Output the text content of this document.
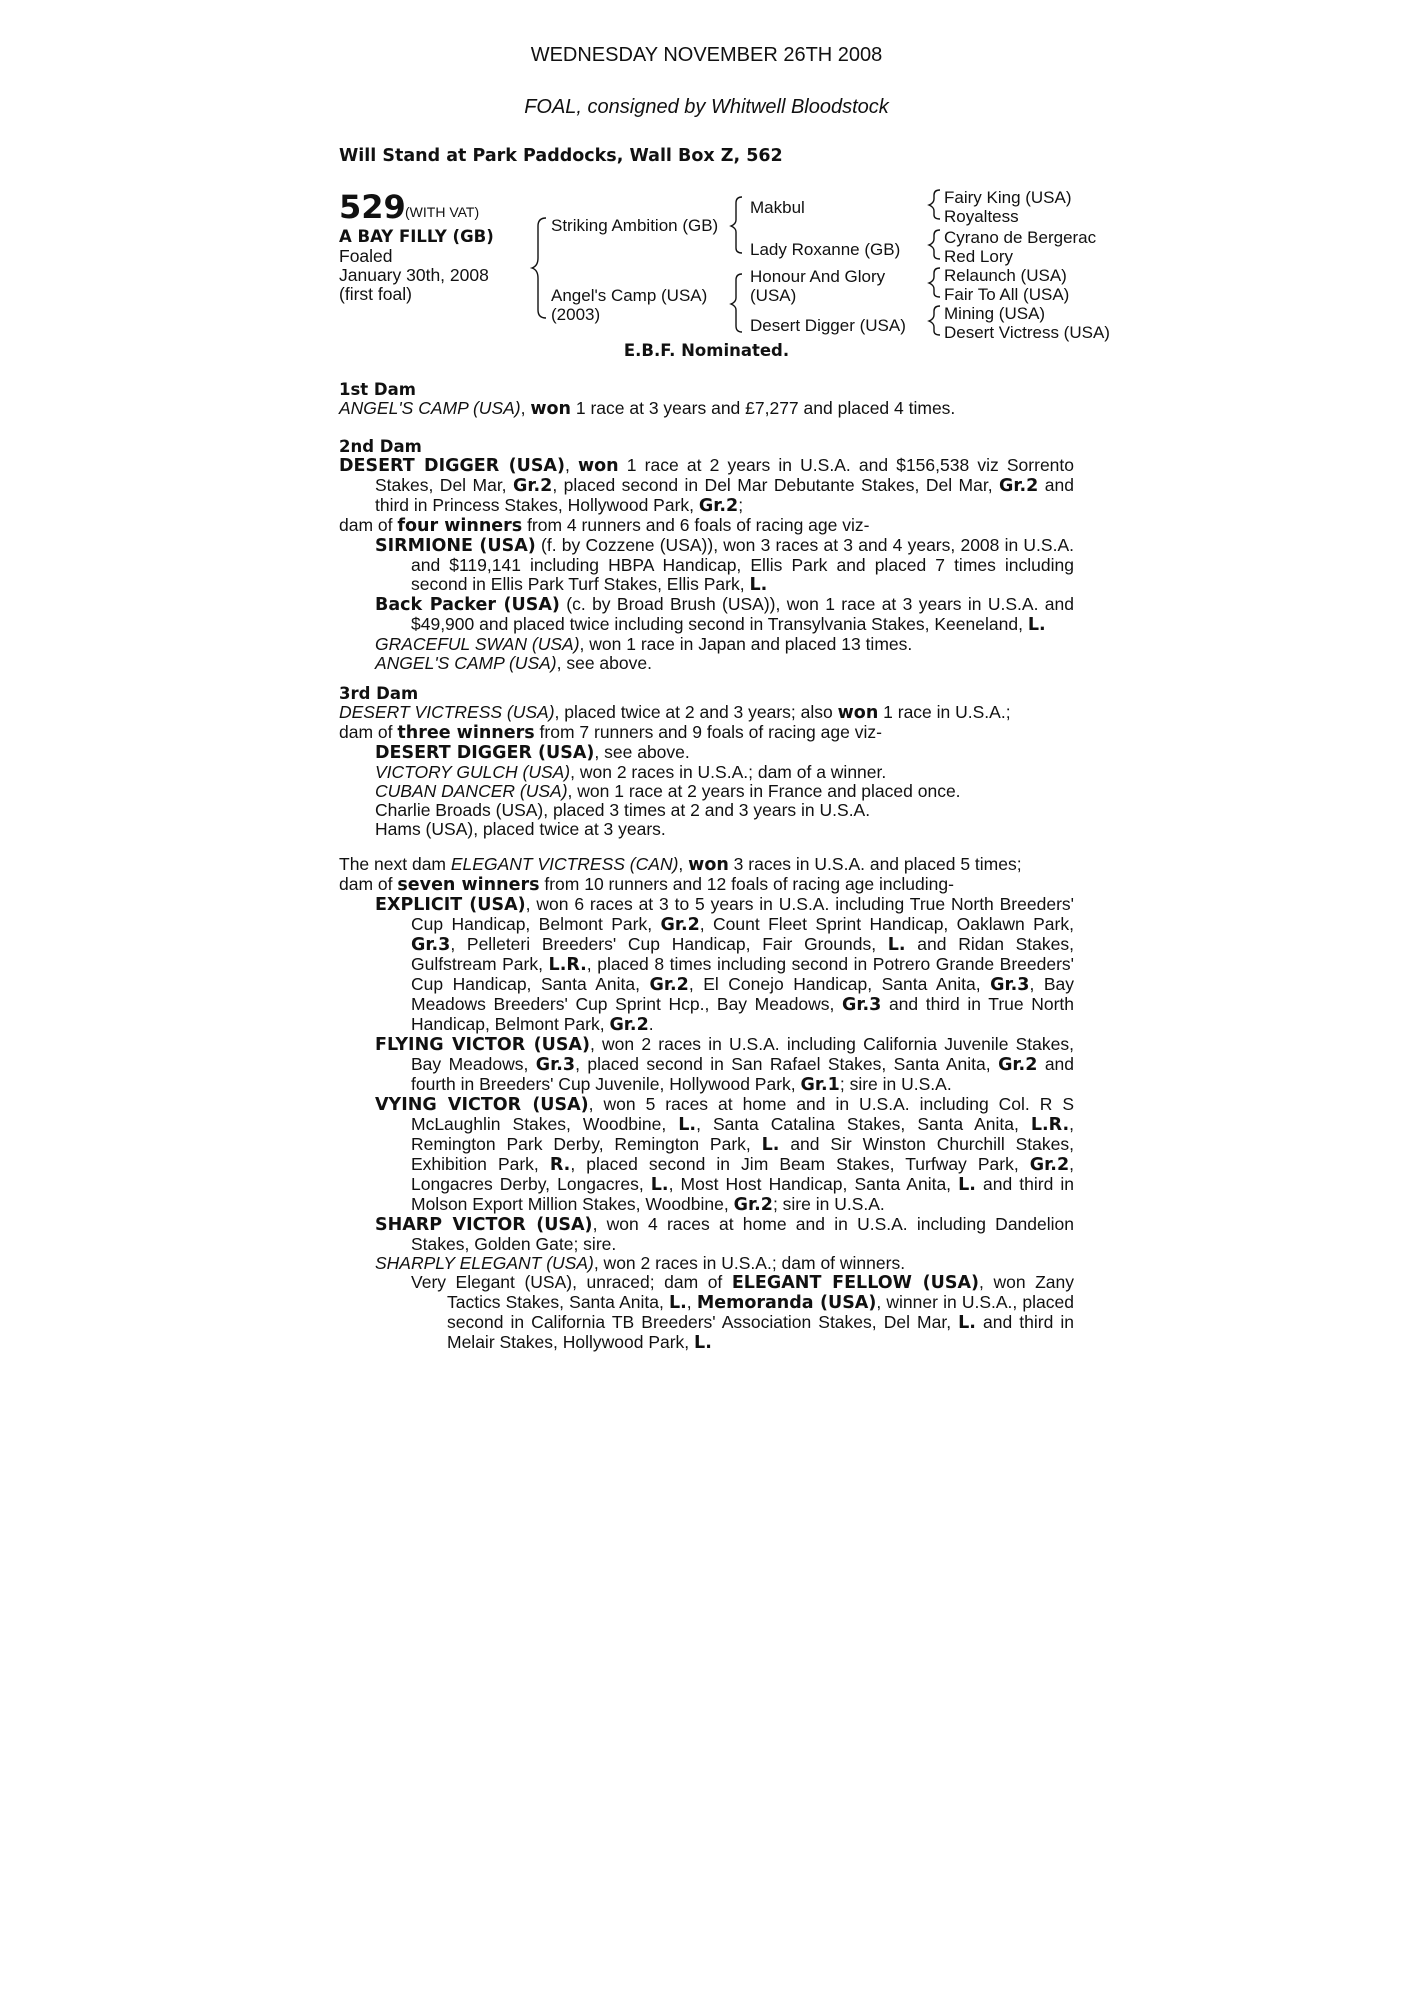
WEDNESDAY NOVEMBER 26TH 2008
FOAL, consigned by Whitwell Bloodstock
Will Stand at Park Paddocks, Wall Box Z, 562
529 (WITH VAT)
A BAY FILLY (GB)
Foaled
January 30th, 2008
(first foal)
Striking Ambition (GB)
Angel's Camp (USA)
(2003)
Makbul
Lady Roxanne (GB)
Honour And Glory
(USA)
Desert Digger (USA)
Fairy King (USA)
Royaltess
Cyrano de Bergerac
Red Lory
Relaunch (USA)
Fair To All (USA)
Mining (USA)
Desert Victress (USA)
E.B.F. Nominated.

1st Dam

ANGEL'S CAMP (USA), won 1 race at 3 years and £7,277 and placed 4 times.

2nd Dam

DESERT DIGGER (USA), won 1 race at 2 years in U.S.A. and $156,538 viz Sorrento Stakes, Del Mar, Gr.2, placed second in Del Mar Debutante Stakes, Del Mar, Gr.2 and third in Princess Stakes, Hollywood Park, Gr.2;

dam of four winners from 4 runners and 6 foals of racing age viz-

SIRMIONE (USA) (f. by Cozzene (USA)), won 3 races at 3 and 4 years, 2008 in U.S.A. and $119,141 including HBPA Handicap, Ellis Park and placed 7 times including second in Ellis Park Turf Stakes, Ellis Park, L.

Back Packer (USA) (c. by Broad Brush (USA)), won 1 race at 3 years in U.S.A. and $49,900 and placed twice including second in Transylvania Stakes, Keeneland, L.

GRACEFUL SWAN (USA), won 1 race in Japan and placed 13 times.

ANGEL'S CAMP (USA), see above.

3rd Dam

DESERT VICTRESS (USA), placed twice at 2 and 3 years; also won 1 race in U.S.A.;

dam of three winners from 7 runners and 9 foals of racing age viz-

DESERT DIGGER (USA), see above.

VICTORY GULCH (USA), won 2 races in U.S.A.; dam of a winner.

CUBAN DANCER (USA), won 1 race at 2 years in France and placed once.

Charlie Broads (USA), placed 3 times at 2 and 3 years in U.S.A.

Hams (USA), placed twice at 3 years.

The next dam ELEGANT VICTRESS (CAN), won 3 races in U.S.A. and placed 5 times;

dam of seven winners from 10 runners and 12 foals of racing age including-

EXPLICIT (USA), won 6 races at 3 to 5 years in U.S.A. including True North Breeders' Cup Handicap, Belmont Park, Gr.2, Count Fleet Sprint Handicap, Oaklawn Park, Gr.3, Pelleteri Breeders' Cup Handicap, Fair Grounds, L. and Ridan Stakes, Gulfstream Park, L.R., placed 8 times including second in Potrero Grande Breeders' Cup Handicap, Santa Anita, Gr.2, El Conejo Handicap, Santa Anita, Gr.3, Bay Meadows Breeders' Cup Sprint Hcp., Bay Meadows, Gr.3 and third in True North Handicap, Belmont Park, Gr.2.

FLYING VICTOR (USA), won 2 races in U.S.A. including California Juvenile Stakes, Bay Meadows, Gr.3, placed second in San Rafael Stakes, Santa Anita, Gr.2 and fourth in Breeders' Cup Juvenile, Hollywood Park, Gr.1; sire in U.S.A.

VYING VICTOR (USA), won 5 races at home and in U.S.A. including Col. R S McLaughlin Stakes, Woodbine, L., Santa Catalina Stakes, Santa Anita, L.R., Remington Park Derby, Remington Park, L. and Sir Winston Churchill Stakes, Exhibition Park, R., placed second in Jim Beam Stakes, Turfway Park, Gr.2, Longacres Derby, Longacres, L., Most Host Handicap, Santa Anita, L. and third in Molson Export Million Stakes, Woodbine, Gr.2; sire in U.S.A.

SHARP VICTOR (USA), won 4 races at home and in U.S.A. including Dandelion Stakes, Golden Gate; sire.

SHARPLY ELEGANT (USA), won 2 races in U.S.A.; dam of winners.

Very Elegant (USA), unraced; dam of ELEGANT FELLOW (USA), won Zany Tactics Stakes, Santa Anita, L., Memoranda (USA), winner in U.S.A., placed second in California TB Breeders' Association Stakes, Del Mar, L. and third in Melair Stakes, Hollywood Park, L.
